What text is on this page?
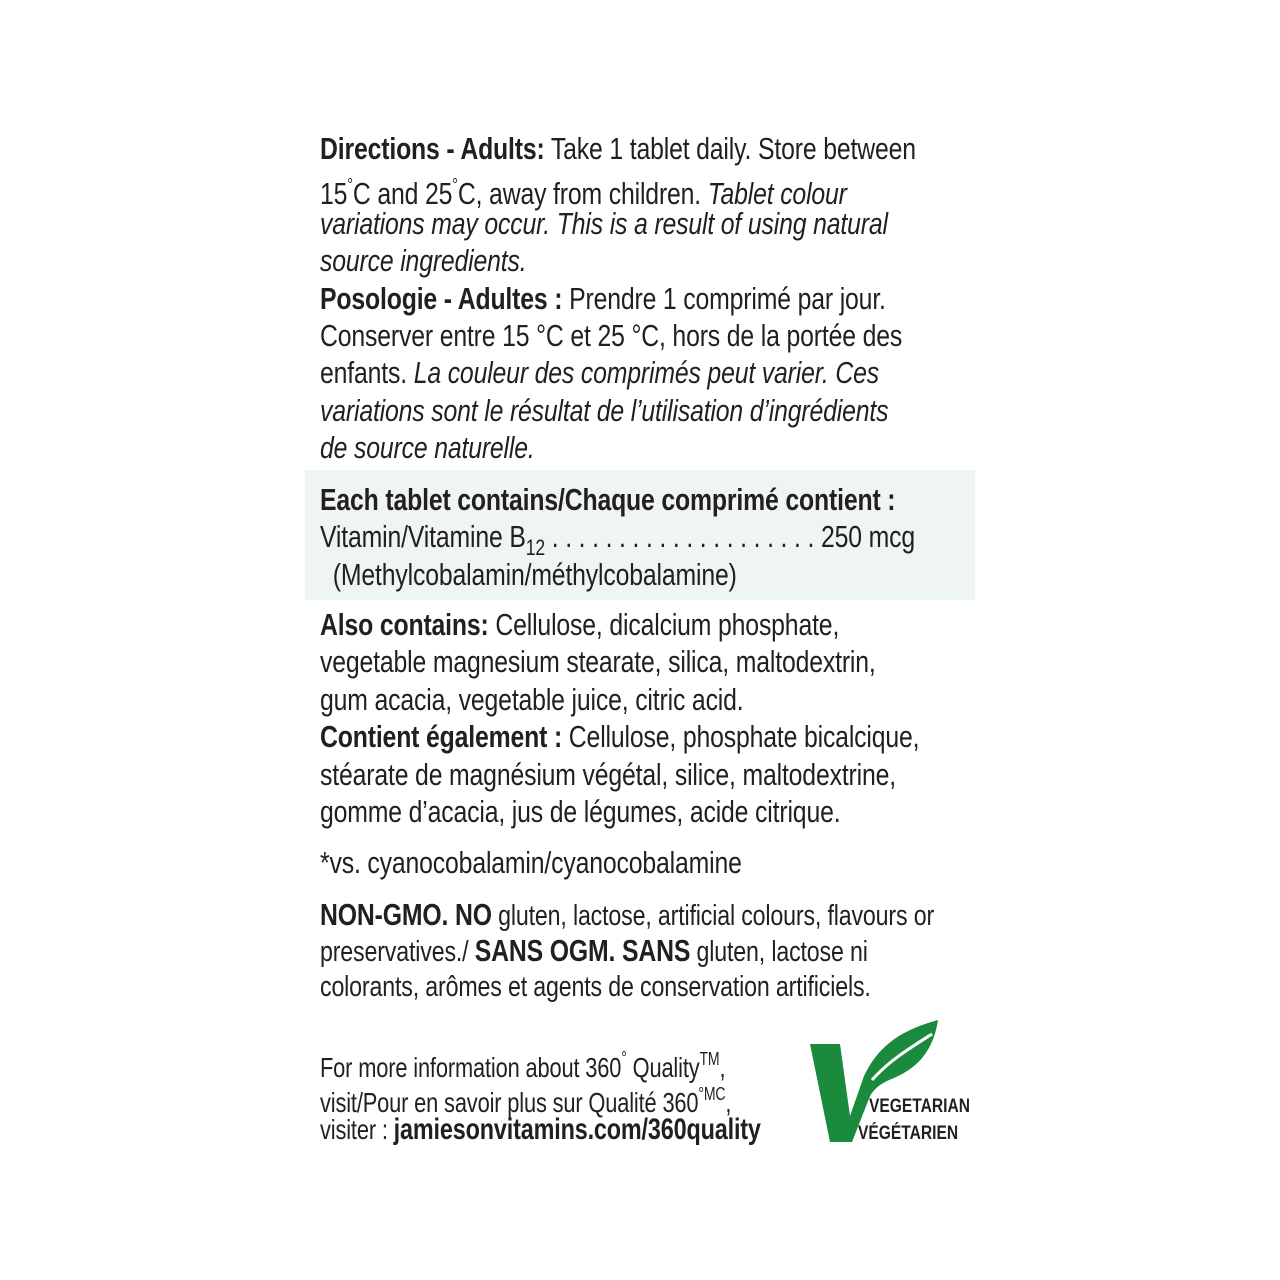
Directions - Adults: Take 1 tablet daily. Store between
15°C and 25°C, away from children. Tablet colour
variations may occur. This is a result of using natural
source ingredients.
Posologie - Adultes : Prendre 1 comprimé par jour.
Conserver entre 15 °C et 25 °C, hors de la portée des
enfants. La couleur des comprimés peut varier. Ces
variations sont le résultat de l’utilisation d’ingrédients
de source naturelle.
Each tablet contains/Chaque comprimé contient :
Vitamin/Vitamine $B_{12}$ . . . . . . . . . . . . . . . . . . . . 250 mcg
(Methylcobalamin/méthylcobalamine)
Also contains: Cellulose, dicalcium phosphate,
vegetable magnesium stearate, silica, maltodextrin,
gum acacia, vegetable juice, citric acid.
Contient également : Cellulose, phosphate bicalcique,
stéarate de magnésium végétal, silice, maltodextrine,
gomme d’acacia, jus de légumes, acide citrique.
*vs. cyanocobalamin/cyanocobalamine
NON-GMO. NO gluten, lactose, artificial colours, flavours or
preservatives./ SANS OGM. SANS gluten, lactose ni
colorants, arômes et agents de conservation artificiels.
For more information about 360° Quality™,
visit/Pour en savoir plus sur Qualité $360^{^\circ MC}$,
visiter : jamiesonvitamins.com/360quality
VEGETARIAN
VÉGÉTARIEN
